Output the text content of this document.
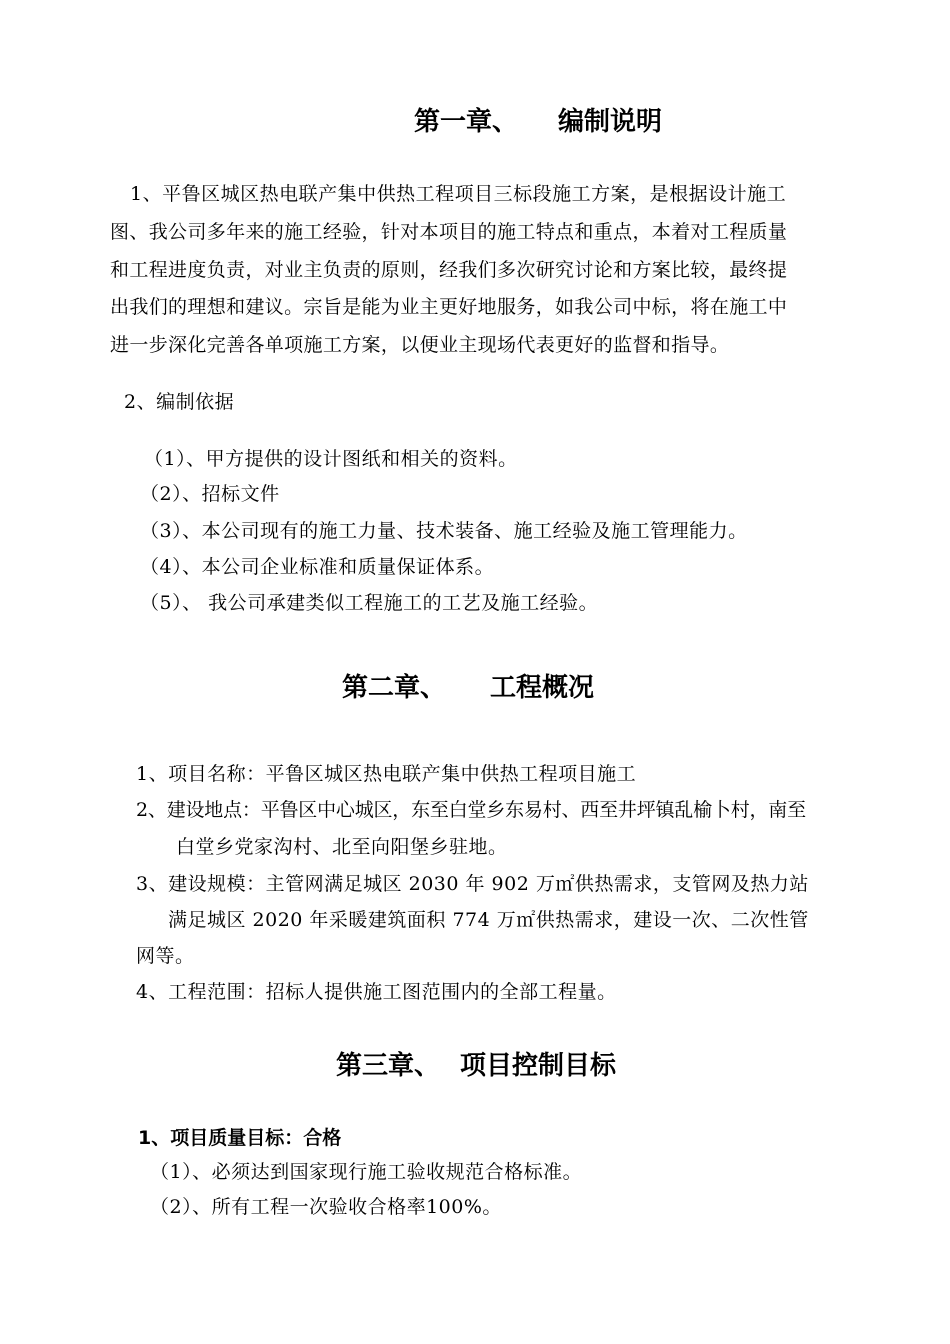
第一章、 编制说明
1、平鲁区城区热电联产集中供热工程项目三标段施工方案，是根据设计施工
图、我公司多年来的施工经验，针对本项目的施工特点和重点，本着对工程质量
和工程进度负责，对业主负责的原则，经我们多次研究讨论和方案比较，最终提
出我们的理想和建议。宗旨是能为业主更好地服务，如我公司中标，将在施工中
进一步深化完善各单项施工方案，以便业主现场代表更好的监督和指导。
2、编制依据
（1）、甲方提供的设计图纸和相关的资料。
（2）、招标文件
（3）、本公司现有的施工力量、技术装备、施工经验及施工管理能力。
（4）、本公司企业标准和质量保证体系。
（5）、 我公司承建类似工程施工的工艺及施工经验。
第二章、 工程概况
1、项目名称：平鲁区城区热电联产集中供热工程项目施工
2、建设地点：平鲁区中心城区，东至白堂乡东易村、西至井坪镇乱榆卜村，南至
白堂乡党家沟村、北至向阳堡乡驻地。
3、建设规模：主管网满足城区 2030 年 902 万㎡供热需求，支管网及热力站
满足城区 2020 年采暖建筑面积 774 万㎡供热需求，建设一次、二次性管
网等。
4、工程范围：招标人提供施工图范围内的全部工程量。
第三章、 项目控制目标
1、项目质量目标：合格
（1）、必须达到国家现行施工验收规范合格标准。
（2）、所有工程一次验收合格率100%。
